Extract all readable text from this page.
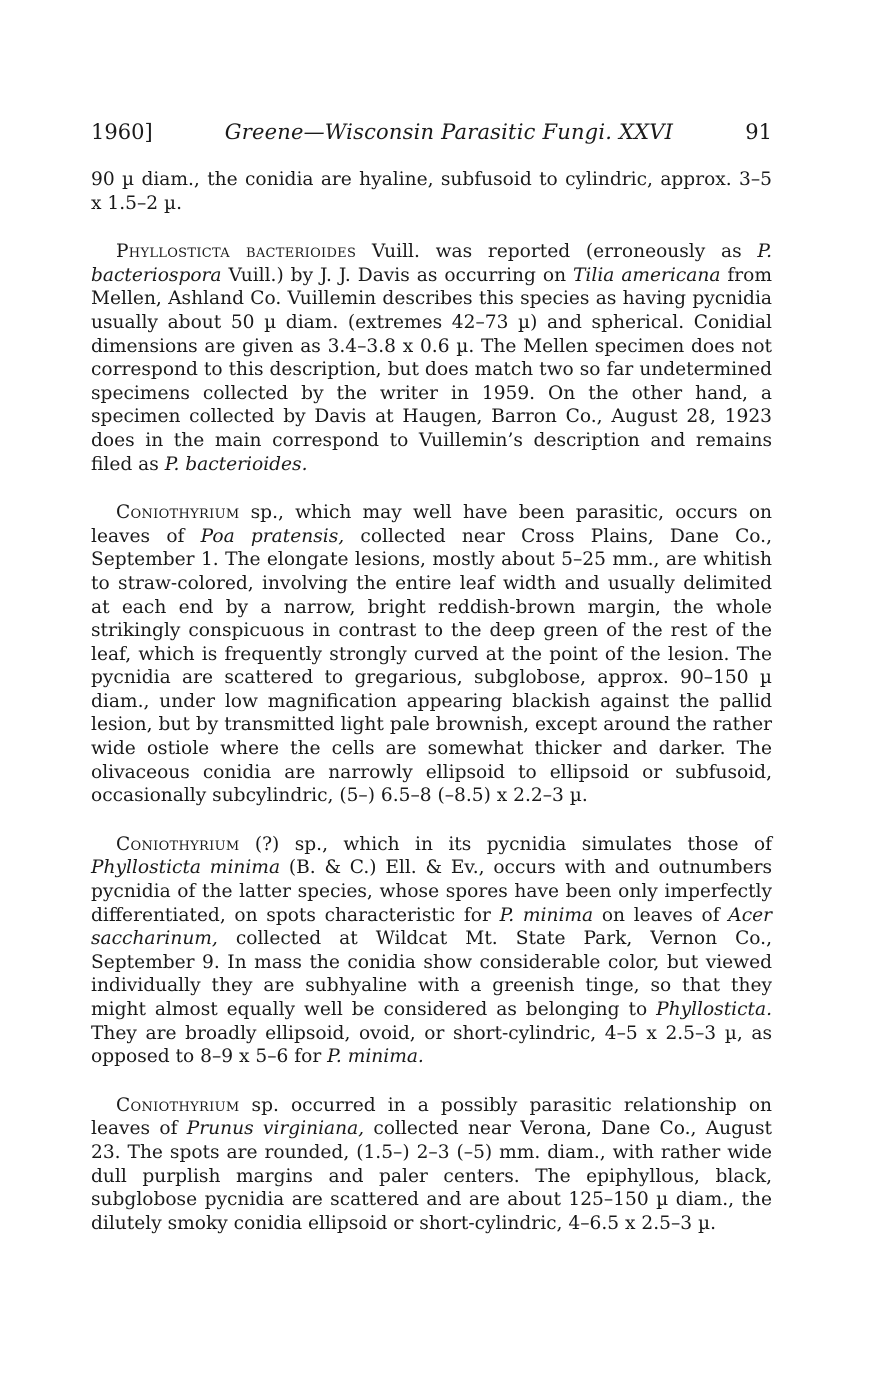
1960]	Greene—Wisconsin Parasitic Fungi. XXVI	91

90 µ diam., the conidia are hyaline, subfusoid to cylindric, approx. 3–5 x 1.5–2 µ.

Phyllosticta bacterioides Vuill. was reported (erroneously as P. bacteriospora Vuill.) by J. J. Davis as occurring on Tilia americana from Mellen, Ashland Co. Vuillemin describes this species as having pycnidia usually about 50 µ diam. (extremes 42–73 µ) and spherical. Conidial dimensions are given as 3.4–3.8 x 0.6 µ. The Mellen specimen does not correspond to this description, but does match two so far undetermined specimens collected by the writer in 1959. On the other hand, a specimen collected by Davis at Haugen, Barron Co., August 28, 1923 does in the main correspond to Vuillemin’s description and remains filed as P. bacterioides.

Coniothyrium sp., which may well have been parasitic, occurs on leaves of Poa pratensis, collected near Cross Plains, Dane Co., September 1. The elongate lesions, mostly about 5–25 mm., are whitish to straw-colored, involving the entire leaf width and usually delimited at each end by a narrow, bright reddish-brown margin, the whole strikingly conspicuous in contrast to the deep green of the rest of the leaf, which is frequently strongly curved at the point of the lesion. The pycnidia are scattered to gregarious, subglobose, approx. 90–150 µ diam., under low magnification appearing blackish against the pallid lesion, but by transmitted light pale brownish, except around the rather wide ostiole where the cells are somewhat thicker and darker. The olivaceous conidia are narrowly ellipsoid to ellipsoid or subfusoid, occasionally subcylindric, (5–) 6.5–8 (–8.5) x 2.2–3 µ.

Coniothyrium (?) sp., which in its pycnidia simulates those of Phyllosticta minima (B. & C.) Ell. & Ev., occurs with and outnumbers pycnidia of the latter species, whose spores have been only imperfectly differentiated, on spots characteristic for P. minima on leaves of Acer saccharinum, collected at Wildcat Mt. State Park, Vernon Co., September 9. In mass the conidia show considerable color, but viewed individually they are subhyaline with a greenish tinge, so that they might almost equally well be considered as belonging to Phyllosticta. They are broadly ellipsoid, ovoid, or short-cylindric, 4–5 x 2.5–3 µ, as opposed to 8–9 x 5–6 for P. minima.

Coniothyrium sp. occurred in a possibly parasitic relationship on leaves of Prunus virginiana, collected near Verona, Dane Co., August 23. The spots are rounded, (1.5–) 2–3 (–5) mm. diam., with rather wide dull purplish margins and paler centers. The epiphyllous, black, subglobose pycnidia are scattered and are about 125–150 µ diam., the dilutely smoky conidia ellipsoid or short-cylindric, 4–6.5 x 2.5–3 µ.
